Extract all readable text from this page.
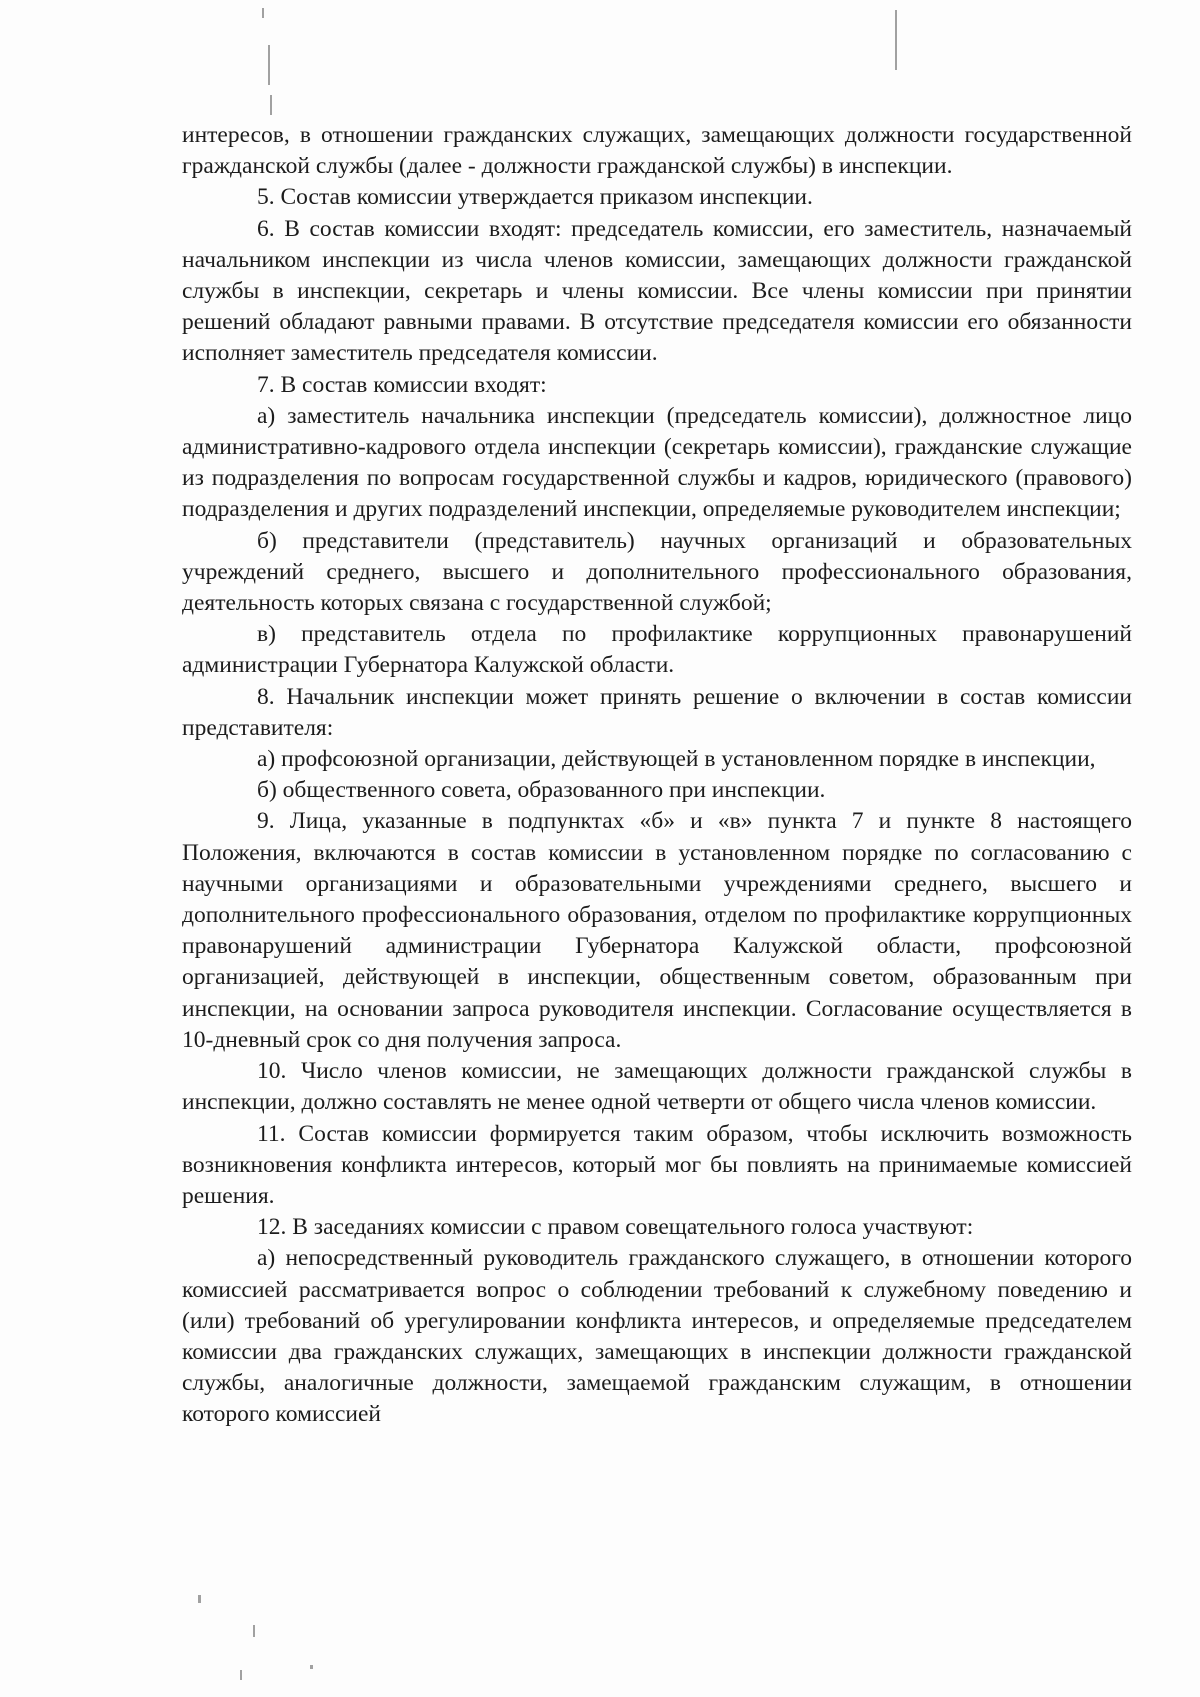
интересов, в отношении гражданских служащих, замещающих должности государственной гражданской службы (далее - должности гражданской службы) в инспекции.

5. Состав комиссии утверждается приказом инспекции.

6. В состав комиссии входят: председатель комиссии, его заместитель, назначаемый начальником инспекции из числа членов комиссии, замещающих должности гражданской службы в инспекции, секретарь и члены комиссии. Все члены комиссии при принятии решений обладают равными правами. В отсутствие председателя комиссии его обязанности исполняет заместитель председателя комиссии.

7. В состав комиссии входят:

а) заместитель начальника инспекции (председатель комиссии), должностное лицо административно-кадрового отдела инспекции (секретарь комиссии), гражданские служащие из подразделения по вопросам государственной службы и кадров, юридического (правового) подразделения и других подразделений инспекции, определяемые руководителем инспекции;

б) представители (представитель) научных организаций и образовательных учреждений среднего, высшего и дополнительного профессионального образования, деятельность которых связана с государственной службой;

в) представитель отдела по профилактике коррупционных правонарушений администрации Губернатора Калужской области.

8. Начальник инспекции может принять решение о включении в состав комиссии представителя:

а) профсоюзной организации, действующей в установленном порядке в инспекции,

б) общественного совета, образованного при инспекции.

9. Лица, указанные в подпунктах «б» и «в» пункта 7 и пункте 8 настоящего Положения, включаются в состав комиссии в установленном порядке по согласованию с научными организациями и образовательными учреждениями среднего, высшего и дополнительного профессионального образования, отделом по профилактике коррупционных правонарушений администрации Губернатора Калужской области, профсоюзной организацией, действующей в инспекции, общественным советом, образованным при инспекции, на основании запроса руководителя инспекции. Согласование осуществляется в 10-дневный срок со дня получения запроса.

10. Число членов комиссии, не замещающих должности гражданской службы в инспекции, должно составлять не менее одной четверти от общего числа членов комиссии.

11. Состав комиссии формируется таким образом, чтобы исключить возможность возникновения конфликта интересов, который мог бы повлиять на принимаемые комиссией решения.

12. В заседаниях комиссии с правом совещательного голоса участвуют:

а) непосредственный руководитель гражданского служащего, в отношении которого комиссией рассматривается вопрос о соблюдении требований к служебному поведению и (или) требований об урегулировании конфликта интересов, и определяемые председателем комиссии два гражданских служащих, замещающих в инспекции должности гражданской службы, аналогичные должности, замещаемой гражданским служащим, в отношении которого комиссией
